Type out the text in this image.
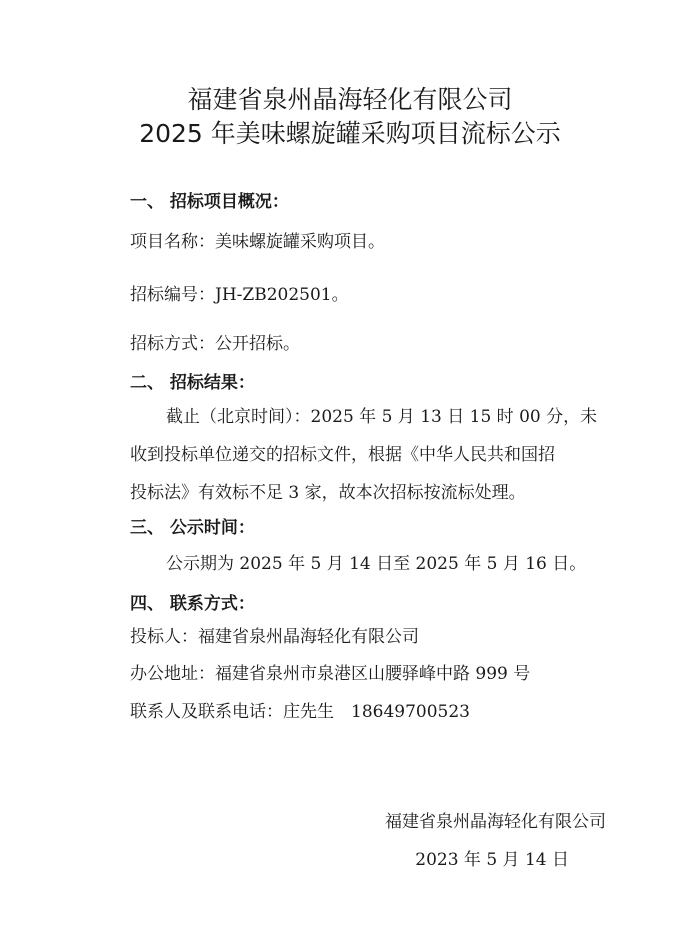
福建省泉州晶海轻化有限公司
2025 年美味螺旋罐采购项目流标公示
一、 招标项目概况：
项目名称：美味螺旋罐采购项目。
招标编号：JH-ZB202501。
招标方式：公开招标。
二、 招标结果：
截止（北京时间）：2025 年 5 月 13 日 15 时 00 分，未
收到投标单位递交的招标文件，根据《中华人民共和国招
投标法》有效标不足 3 家，故本次招标按流标处理。
三、 公示时间：
公示期为 2025 年 5 月 14 日至 2025 年 5 月 16 日。
四、 联系方式：
投标人：福建省泉州晶海轻化有限公司
办公地址：福建省泉州市泉港区山腰驿峰中路 999 号
联系人及联系电话：庄先生　18649700523
福建省泉州晶海轻化有限公司
2023 年 5 月 14 日
